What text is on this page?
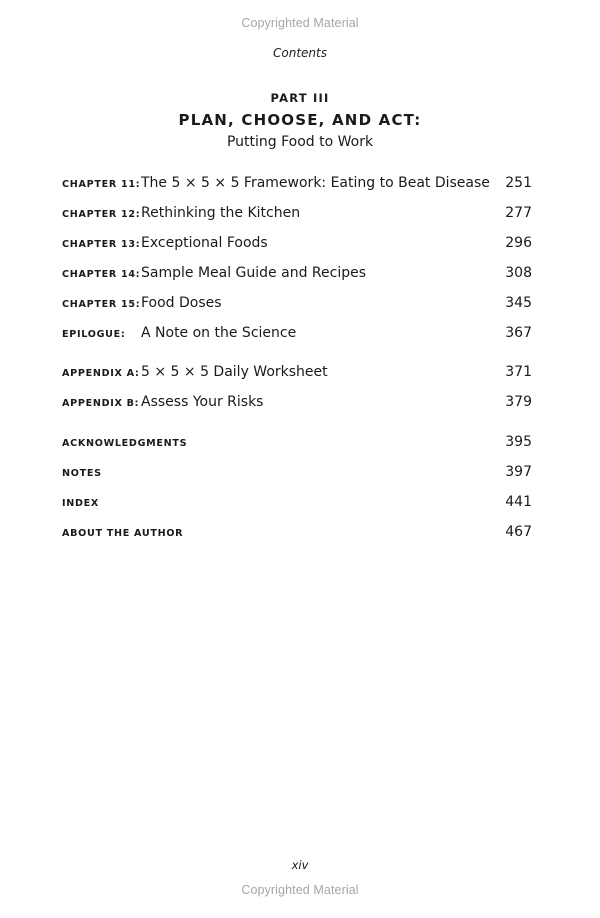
Copyrighted Material
Contents
PART III
PLAN, CHOOSE, AND ACT:
Putting Food to Work
CHAPTER 11: The 5 × 5 × 5 Framework: Eating to Beat Disease 251
CHAPTER 12: Rethinking the Kitchen	277
CHAPTER 13: Exceptional Foods	296
CHAPTER 14: Sample Meal Guide and Recipes	308
CHAPTER 15: Food Doses	345
EPILOGUE: A Note on the Science	367
APPENDIX A: 5 × 5 × 5 Daily Worksheet	371
APPENDIX B: Assess Your Risks	379
ACKNOWLEDGMENTS	395
NOTES	397
INDEX	441
ABOUT THE AUTHOR	467
xiv
Copyrighted Material
